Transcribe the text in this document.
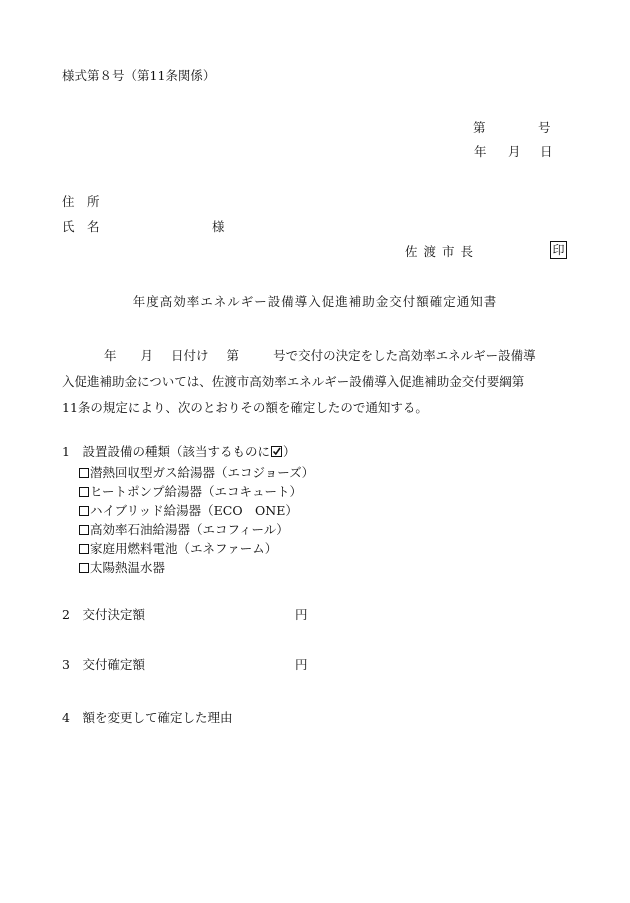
様式第８号（第11条関係）
第	号
年 月 日
住　所
氏　名	様
佐渡市長	印
年度高効率エネルギー設備導入促進補助金交付額確定通知書
年 月 日付け 第	号で交付の決定をした高効率エネルギー設備導
入促進補助金については、佐渡市高効率エネルギー設備導入促進補助金交付要綱第
11条の規定により、次のとおりその額を確定したので通知する。
1　設置設備の種類（該当するものに ）
潜熱回収型ガス給湯器（エコジョーズ）
ヒートポンプ給湯器（エコキュート）
ハイブリッド給湯器（ECO　ONE）
高効率石油給湯器（エコフィール）
家庭用燃料電池（エネファーム）
太陽熱温水器
2　交付決定額	円
3　交付確定額	円
4　額を変更して確定した理由
